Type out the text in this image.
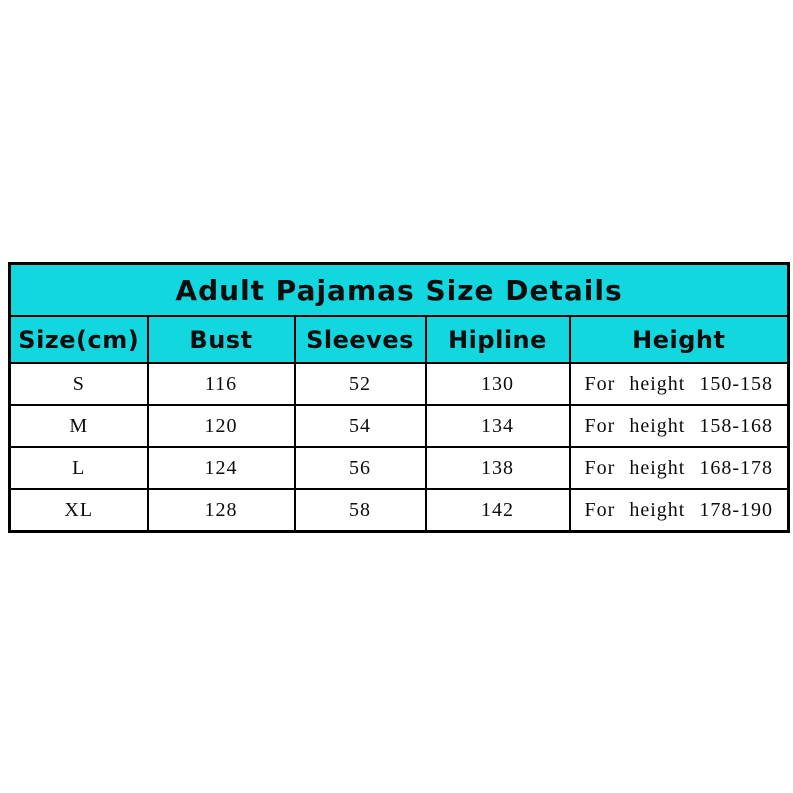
Adult Pajamas Size Details				
Size(cm)	Bust	Sleeves	Hipline	Height
S	116	52	130	For height 150-158
M	120	54	134	For height 158-168
L	124	56	138	For height 168-178
XL	128	58	142	For height 178-190
